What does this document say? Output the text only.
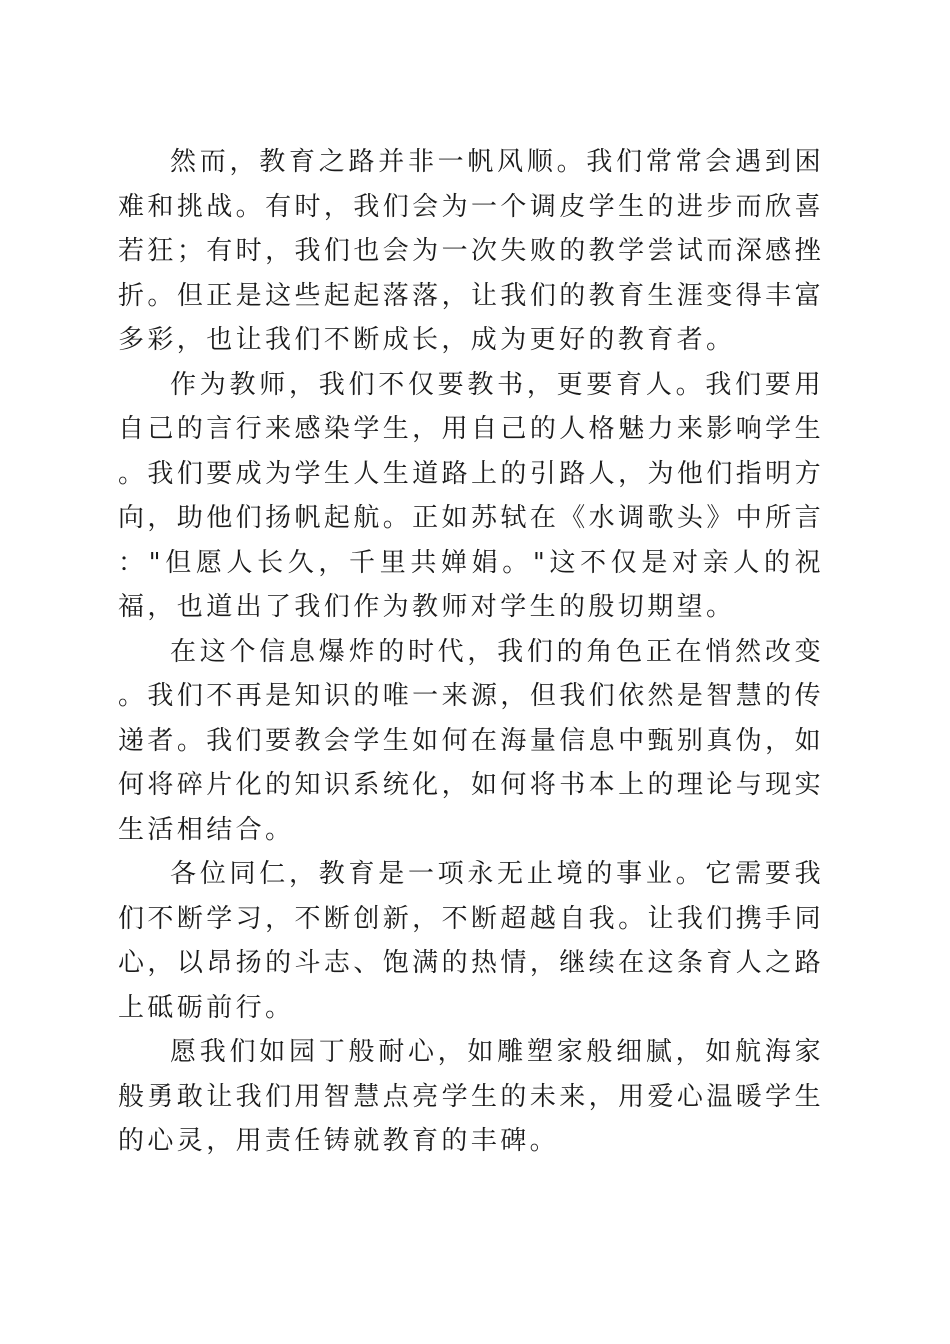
然而，教育之路并非一帆风顺。我们常常会遇到困难和挑战。有时，我们会为一个调皮学生的进步而欣喜若狂；有时，我们也会为一次失败的教学尝试而深感挫折。但正是这些起起落落，让我们的教育生涯变得丰富多彩，也让我们不断成长，成为更好的教育者。

作为教师，我们不仅要教书，更要育人。我们要用自己的言行来感染学生，用自己的人格魅力来影响学生。我们要成为学生人生道路上的引路人，为他们指明方向，助他们扬帆起航。正如苏轼在《水调歌头》中所言："但愿人长久，千里共婵娟。"这不仅是对亲人的祝福，也道出了我们作为教师对学生的殷切期望。

在这个信息爆炸的时代，我们的角色正在悄然改变。我们不再是知识的唯一来源，但我们依然是智慧的传递者。我们要教会学生如何在海量信息中甄别真伪，如何将碎片化的知识系统化，如何将书本上的理论与现实生活相结合。

各位同仁，教育是一项永无止境的事业。它需要我们不断学习，不断创新，不断超越自我。让我们携手同心，以昂扬的斗志、饱满的热情，继续在这条育人之路上砥砺前行。

愿我们如园丁般耐心，如雕塑家般细腻，如航海家般勇敢让我们用智慧点亮学生的未来，用爱心温暖学生的心灵，用责任铸就教育的丰碑。
